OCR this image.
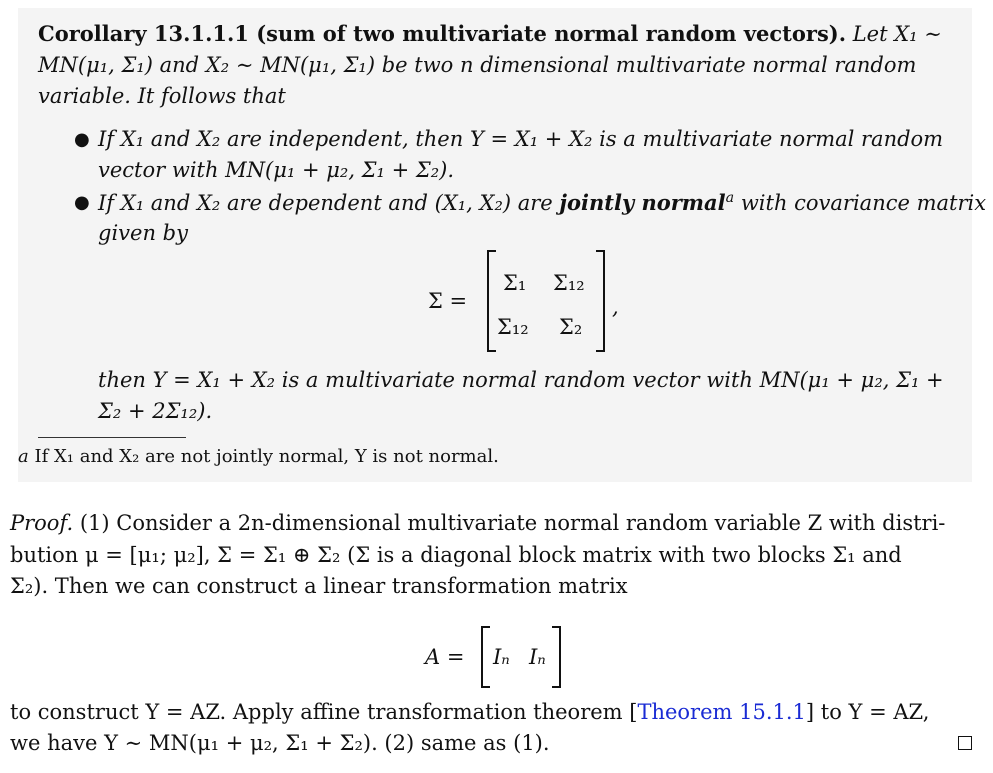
Corollary 13.1.1.1 (sum of two multivariate normal random vectors). Let X₁ ∼
MN(μ₁, Σ₁) and X₂ ∼ MN(μ₁, Σ₁) be two n dimensional multivariate normal random
variable. It follows that
● If X₁ and X₂ are independent, then Y = X₁ + X₂ is a multivariate normal random
vector with MN(μ₁ + μ₂, Σ₁ + Σ₂).
● If X₁ and X₂ are dependent and (X₁, X₂) are jointly normal$^a$ with covariance matrix
given by
Σ =
Σ₁ Σ₁₂
Σ₁₂ Σ₂
,
then Y = X₁ + X₂ is a multivariate normal random vector with MN(μ₁ + μ₂, Σ₁ +
Σ₂ + 2Σ₁₂).
a If X₁ and X₂ are not jointly normal, Y is not normal.
Proof. (1) Consider a 2n-dimensional multivariate normal random variable Z with distri-
bution μ = [μ₁; μ₂], Σ = Σ₁ ⊕ Σ₂ (Σ is a diagonal block matrix with two blocks Σ₁ and
Σ₂). Then we can construct a linear transformation matrix
A = Iₙ Iₙ
to construct Y = AZ. Apply affine transformation theorem [Theorem 15.1.1] to Y = AZ,
we have Y ∼ MN(μ₁ + μ₂, Σ₁ + Σ₂). (2) same as (1).
